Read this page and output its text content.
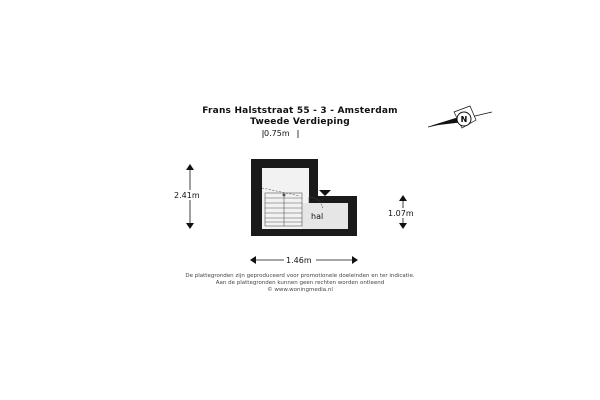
Frans Halststraat 55 - 3 - Amsterdam
Tweede Verdieping	N
0.75m
2.41m
1.07m
1.46m
hal
De plattegronden zijn geproduceerd voor promotionele doeleinden en ter indicatie.
Aan de plattegronden kunnen geen rechten worden ontleend
© www.woningmedia.nl
